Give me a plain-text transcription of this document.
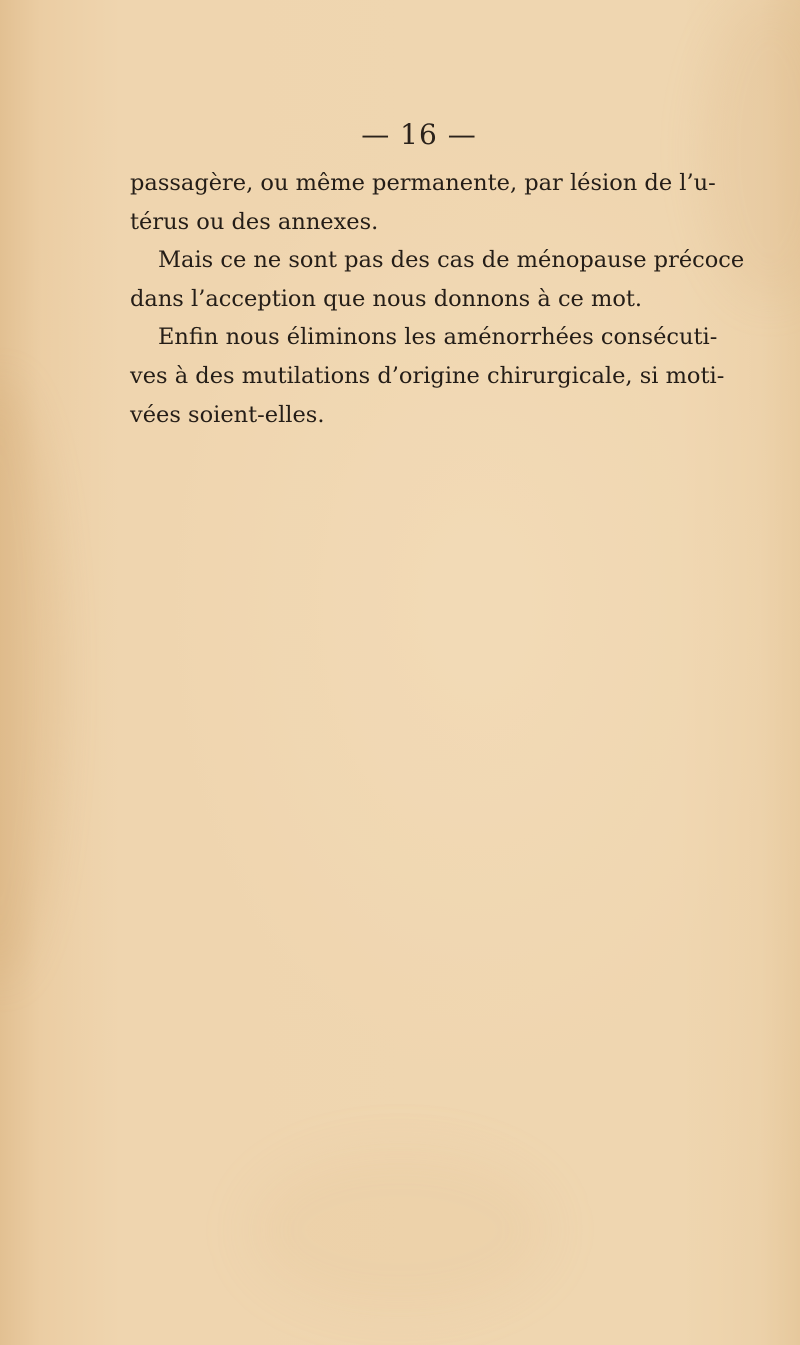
— 16 —
passagère, ou même permanente, par lésion de l’u-
térus ou des annexes.
Mais ce ne sont pas des cas de ménopause précoce
dans l’acception que nous donnons à ce mot.
Enfin nous éliminons les aménorrhées consécuti-
ves à des mutilations d’origine chirurgicale, si moti-
vées soient-elles.
